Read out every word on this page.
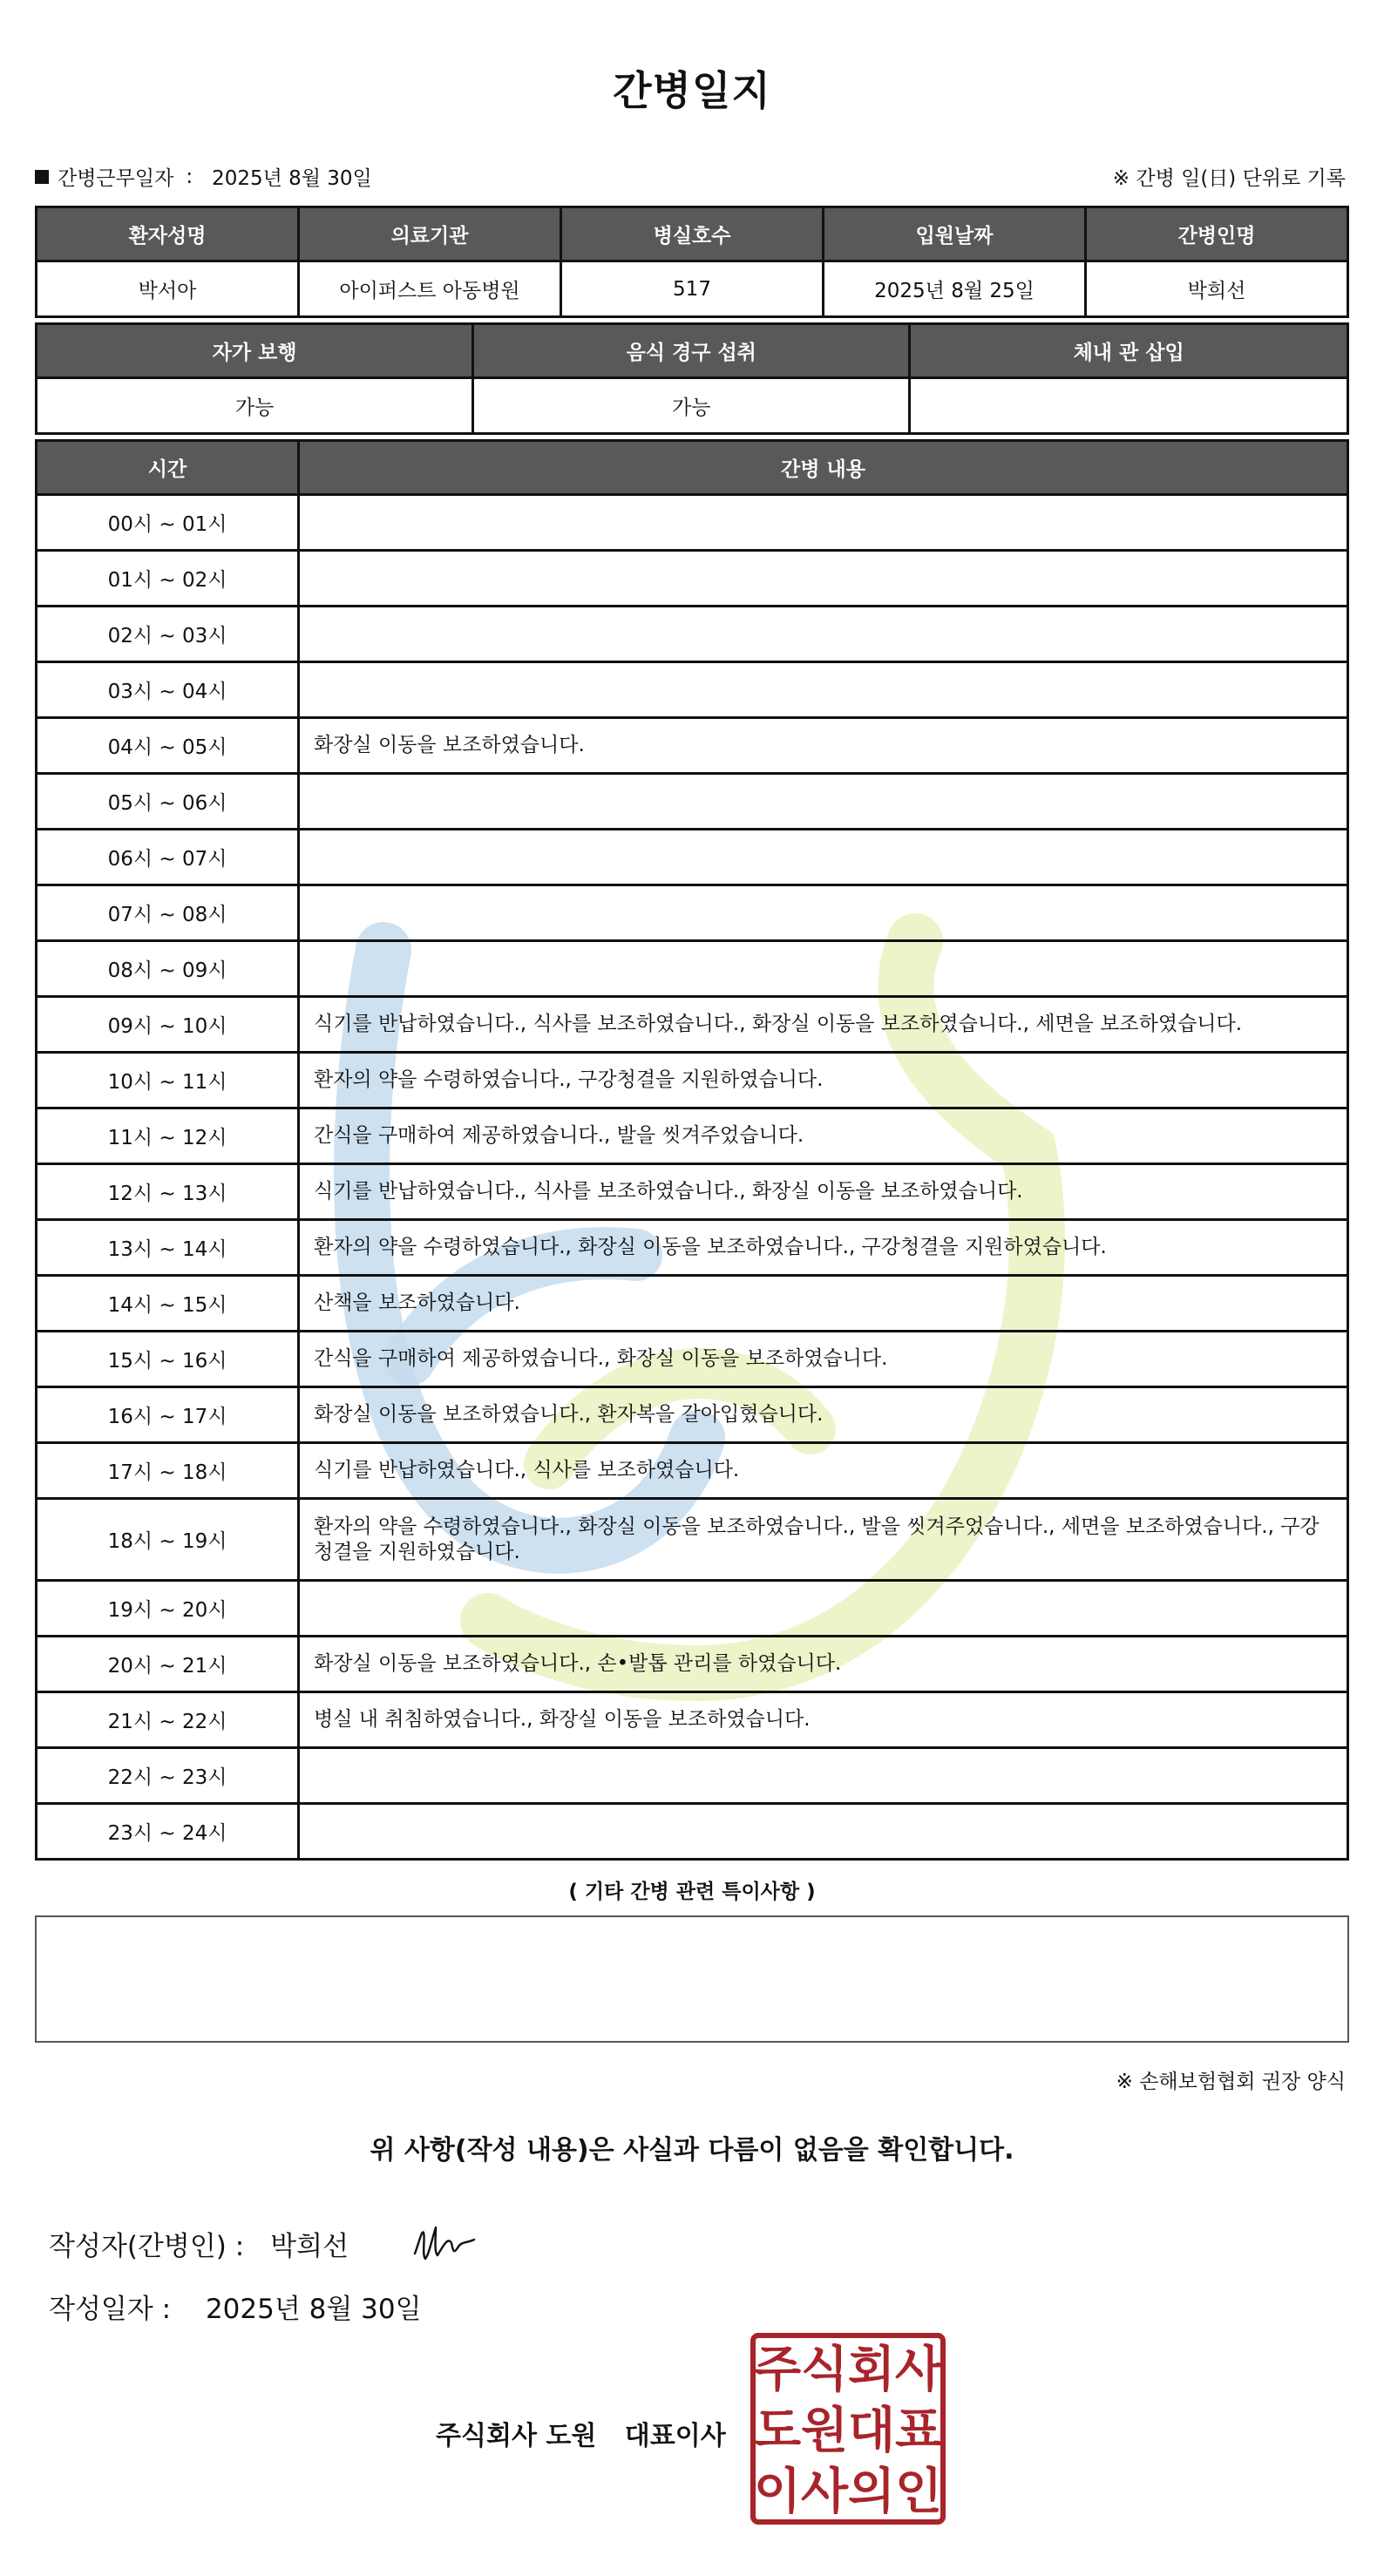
간병일지
간병근무일자 : 2025년 8월 30일	※ 간병 일(日) 단위로 기록
환자성명	의료기관	병실호수	입원날짜	간병인명
박서아	아이퍼스트 아동병원	517	2025년 8월 25일	박희선
자가 보행	음식 경구 섭취	체내 관 삽입
가능	가능	
시간	간병 내용
00시 ~ 01시	
01시 ~ 02시	
02시 ~ 03시	
03시 ~ 04시	
04시 ~ 05시	화장실 이동을 보조하였습니다.
05시 ~ 06시	
06시 ~ 07시	
07시 ~ 08시	
08시 ~ 09시	
09시 ~ 10시	식기를 반납하였습니다., 식사를 보조하였습니다., 화장실 이동을 보조하였습니다., 세면을 보조하였습니다.
10시 ~ 11시	환자의 약을 수령하였습니다., 구강청결을 지원하였습니다.
11시 ~ 12시	간식을 구매하여 제공하였습니다., 발을 씻겨주었습니다.
12시 ~ 13시	식기를 반납하였습니다., 식사를 보조하였습니다., 화장실 이동을 보조하였습니다.
13시 ~ 14시	환자의 약을 수령하였습니다., 화장실 이동을 보조하였습니다., 구강청결을 지원하였습니다.
14시 ~ 15시	산책을 보조하였습니다.
15시 ~ 16시	간식을 구매하여 제공하였습니다., 화장실 이동을 보조하였습니다.
16시 ~ 17시	화장실 이동을 보조하였습니다., 환자복을 갈아입혔습니다.
17시 ~ 18시	식기를 반납하였습니다., 식사를 보조하였습니다.
18시 ~ 19시	환자의 약을 수령하였습니다., 화장실 이동을 보조하였습니다., 발을 씻겨주었습니다., 세면을 보조하였습니다., 구강청결을 지원하였습니다.
19시 ~ 20시	
20시 ~ 21시	화장실 이동을 보조하였습니다., 손•발톱 관리를 하였습니다.
21시 ~ 22시	병실 내 취침하였습니다., 화장실 이동을 보조하였습니다.
22시 ~ 23시	
23시 ~ 24시	
( 기타 간병 관련 특이사항 )
※ 손해보험협회 권장 양식
위 사항(작성 내용)은 사실과 다름이 없음을 확인합니다.
작성자(간병인) : 박희선
작성일자 : 2025년 8월 30일
주식회사 도원 대표이사
주 식 회 사
도 원 대 표
이 사 의 인
